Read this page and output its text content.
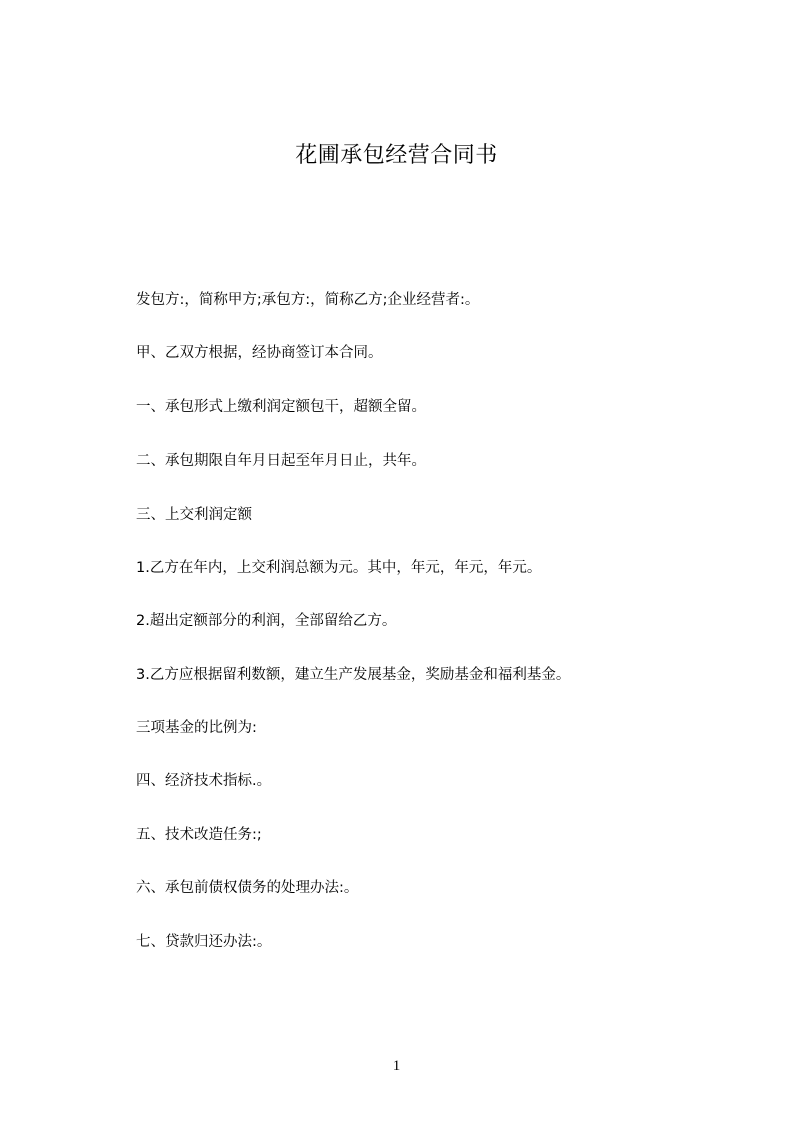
花圃承包经营合同书
发包方:，简称甲方;承包方:，简称乙方;企业经营者:。
甲、乙双方根据，经协商签订本合同。
一、承包形式上缴利润定额包干，超额全留。
二、承包期限自年月日起至年月日止，共年。
三、上交利润定额
1.乙方在年内，上交利润总额为元。其中，年元，年元，年元。
2.超出定额部分的利润，全部留给乙方。
3.乙方应根据留利数额，建立生产发展基金，奖励基金和福利基金。
三项基金的比例为:
四、经济技术指标.。
五、技术改造任务:;
六、承包前债权债务的处理办法:。
七、贷款归还办法:。
1
